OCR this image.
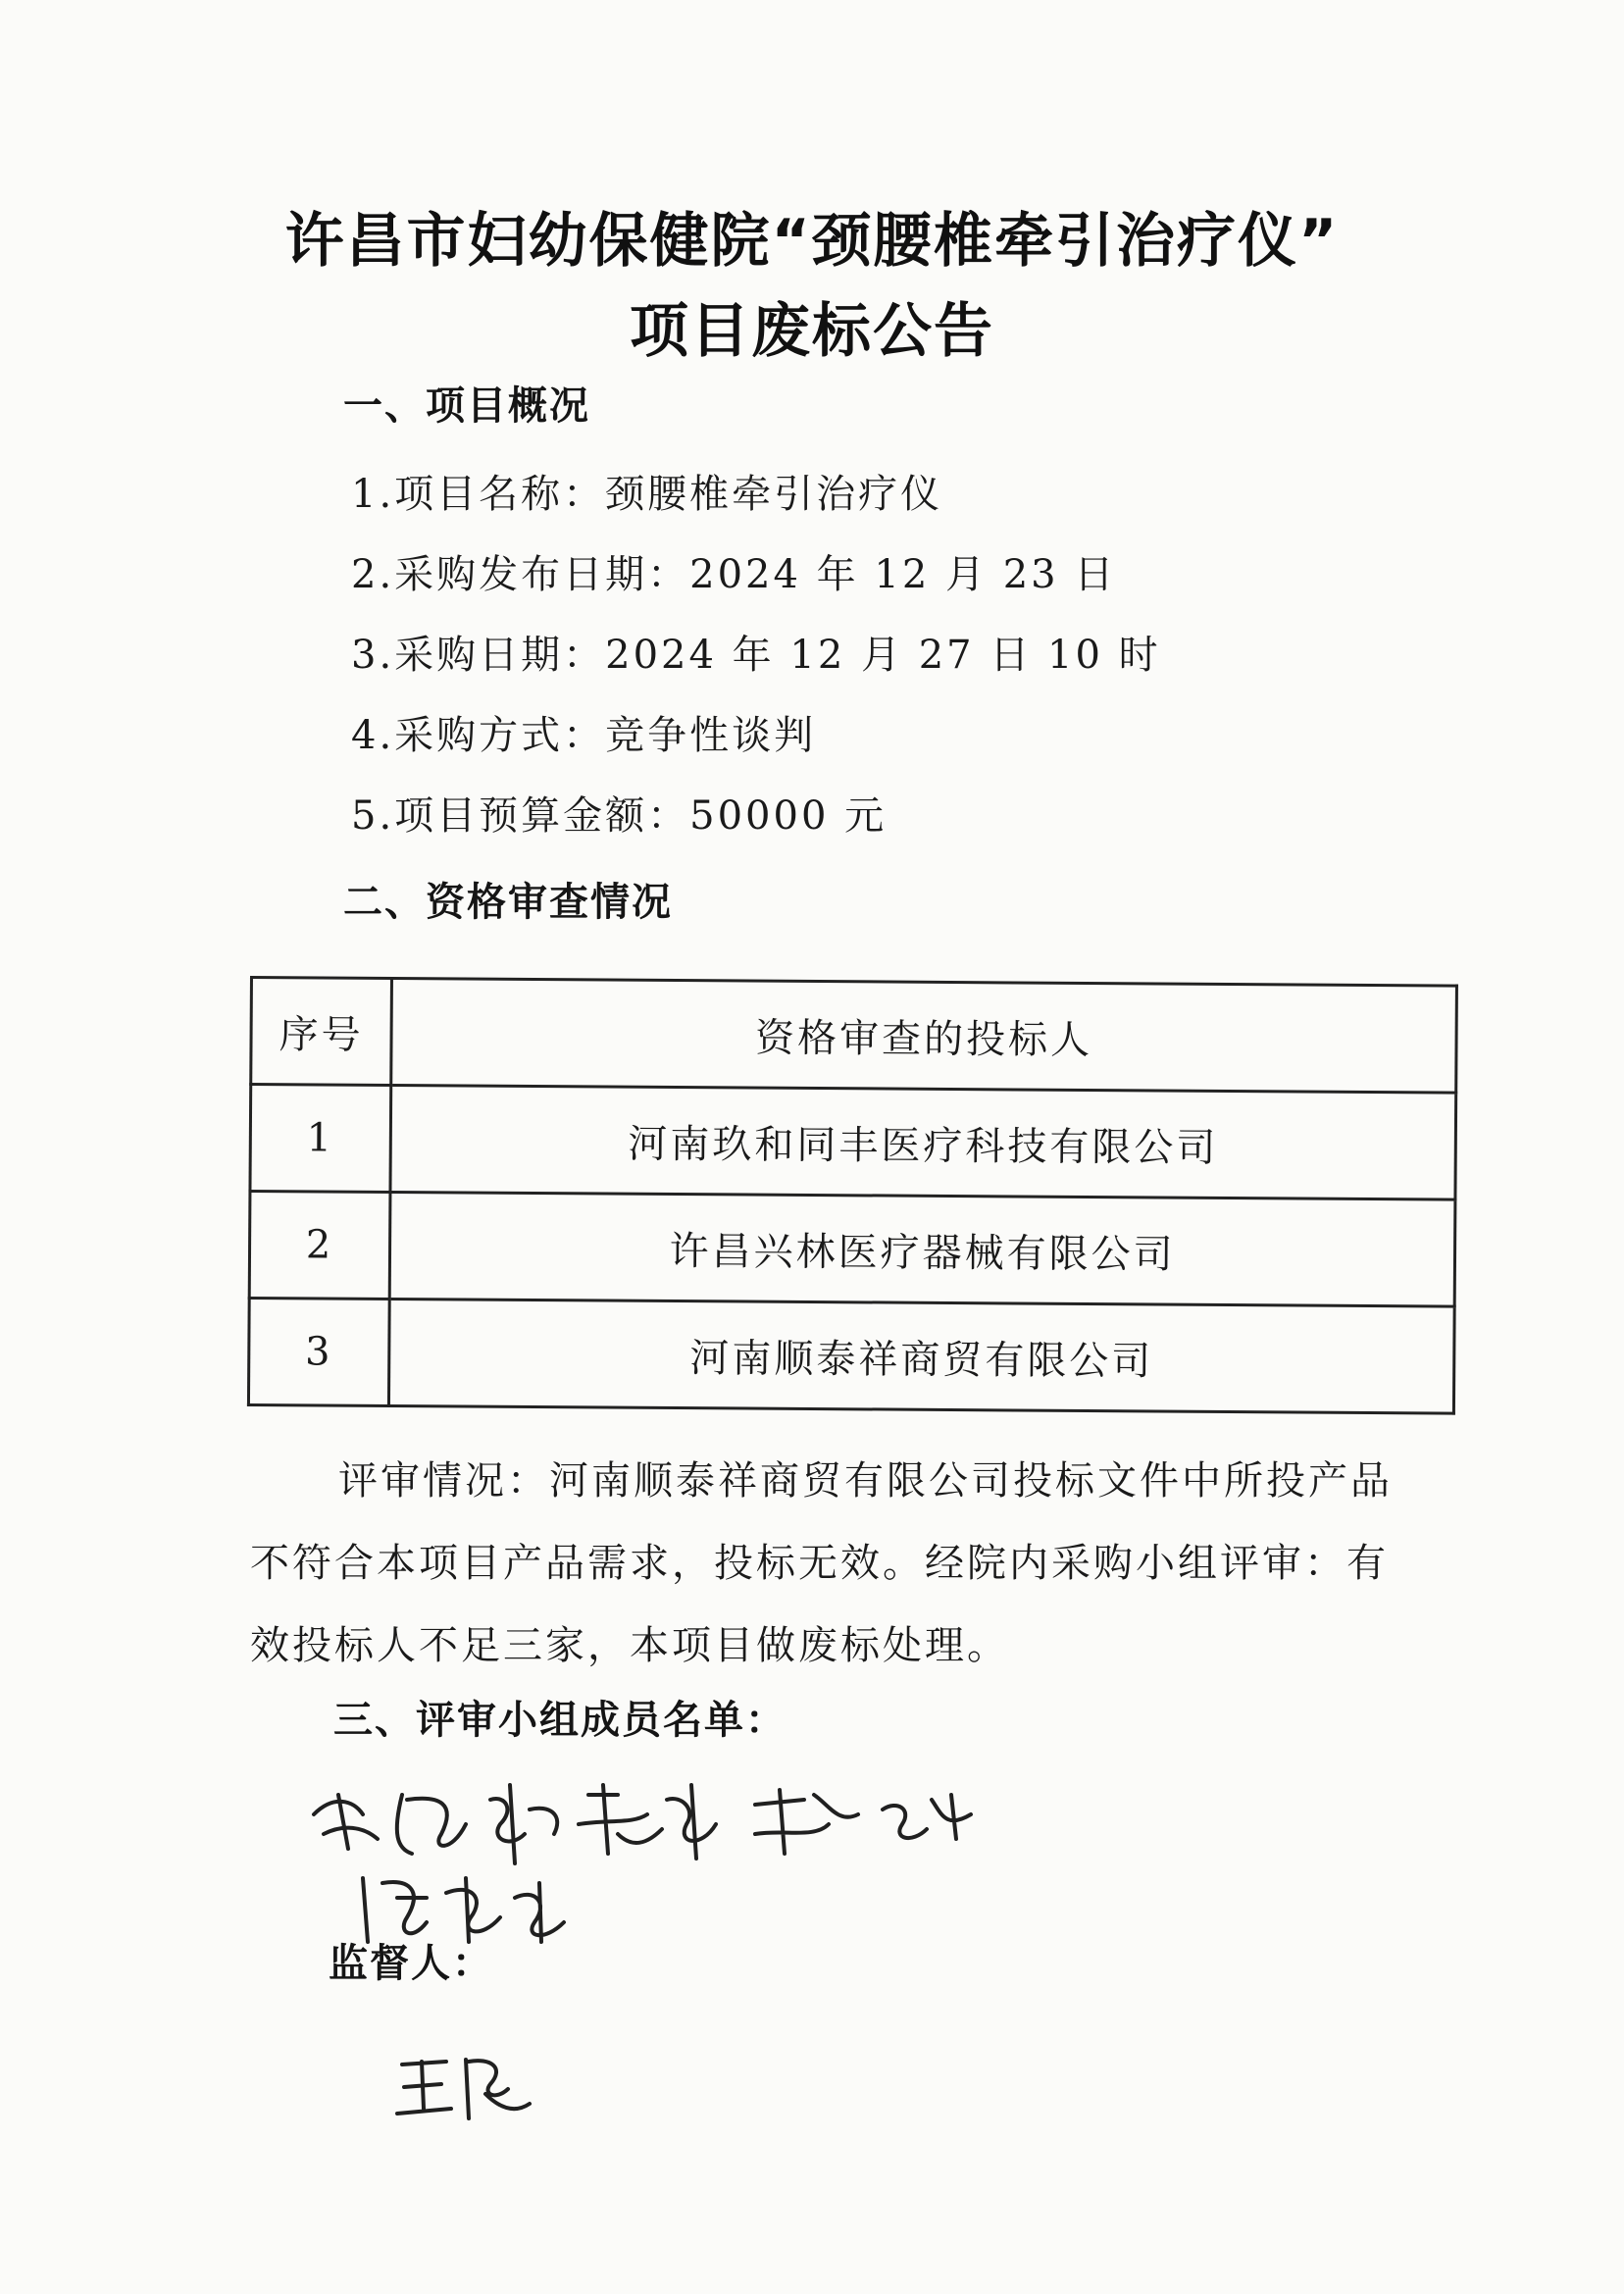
许昌市妇幼保健院“颈腰椎牵引治疗仪”
项目废标公告
一、项目概况
1.项目名称：颈腰椎牵引治疗仪
2.采购发布日期：2024 年 12 月 23 日
3.采购日期：2024 年 12 月 27 日 10 时
4.采购方式：竞争性谈判
5.项目预算金额：50000 元
二、资格审查情况
序号	资格审查的投标人
1	河南玖和同丰医疗科技有限公司
2	许昌兴林医疗器械有限公司
3	河南顺泰祥商贸有限公司
评审情况：河南顺泰祥商贸有限公司投标文件中所投产品不符合本项目产品需求，投标无效。经院内采购小组评审：有效投标人不足三家，本项目做废标处理。
三、评审小组成员名单：
监督人：
